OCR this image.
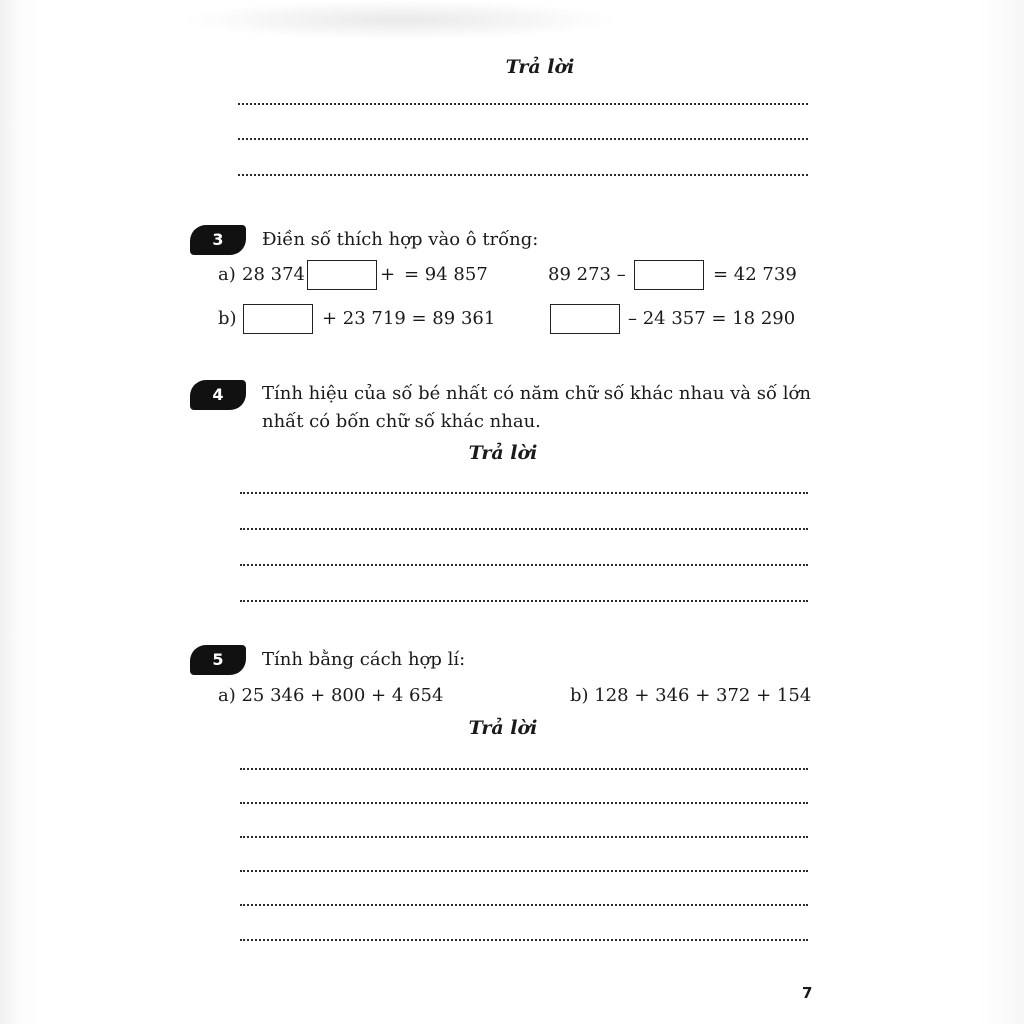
Trả lời
3	Điền số thích hợp vào ô trống:
a) 28 374	+ = 94 857	89 273 –	= 42 739
b)	+ 23 719 = 89 361	– 24 357 = 18 290
4	Tính hiệu của số bé nhất có năm chữ số khác nhau và số lớn
nhất có bốn chữ số khác nhau.
Trả lời
5	Tính bằng cách hợp lí:
a) 25 346 + 800 + 4 654	b) 128 + 346 + 372 + 154
Trả lời
7
